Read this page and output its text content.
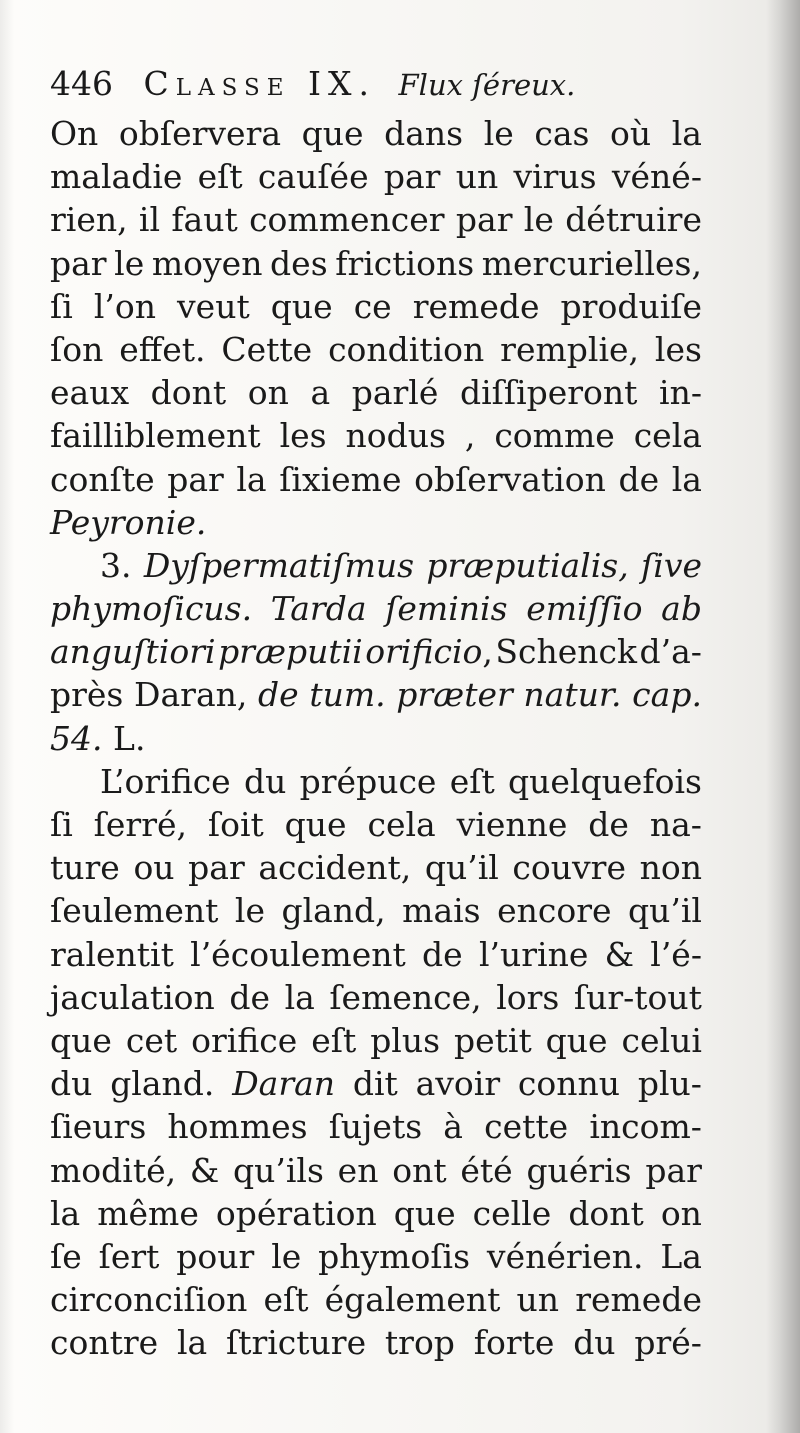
446 Classe IX. Flux ſéreux.
On obſervera que dans le cas où la
maladie eſt cauſée par un virus véné-
rien, il faut commencer par le détruire
par le moyen des frictions mercurielles,
ſi l’on veut que ce remede produiſe
ſon effet. Cette condition remplie, les
eaux dont on a parlé diſſiperont in-
failliblement les nodus , comme cela
conſte par la ſixieme obſervation de la
Peyronie.
3. Dyſpermatiſmus præputialis, ſive
phymoſicus. Tarda ſeminis emiſſio ab
anguſtiori præputii orificio, Schenck d’a-
près Daran, de tum. præter natur. cap.
54. L.
L’orifice du prépuce eſt quelquefois
ſi ſerré, ſoit que cela vienne de na-
ture ou par accident, qu’il couvre non
ſeulement le gland, mais encore qu’il
ralentit l’écoulement de l’urine & l’é-
jaculation de la ſemence, lors ſur-tout
que cet orifice eſt plus petit que celui
du gland. Daran dit avoir connu plu-
ſieurs hommes ſujets à cette incom-
modité, & qu’ils en ont été guéris par
la même opération que celle dont on
ſe ſert pour le phymoſis vénérien. La
circonciſion eſt également un remede
contre la ſtricture trop forte du pré-
